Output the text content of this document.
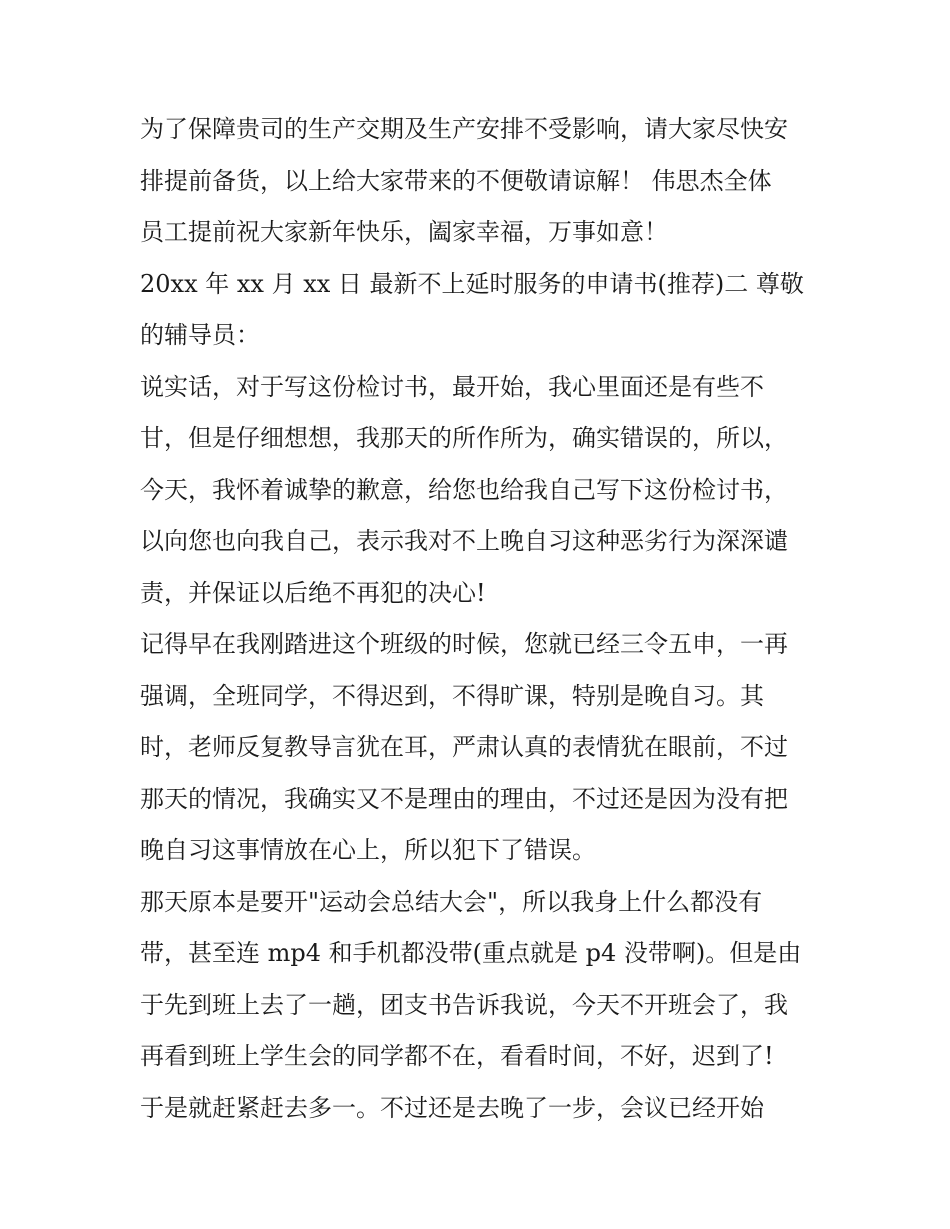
为了保障贵司的生产交期及生产安排不受影响，请大家尽快安
排提前备货，以上给大家带来的不便敬请谅解！ 伟思杰全体
员工提前祝大家新年快乐，阖家幸福，万事如意！
20xx 年 xx 月 xx 日 最新不上延时服务的申请书(推荐)二 尊敬
的辅导员：
说实话，对于写这份检讨书，最开始，我心里面还是有些不
甘，但是仔细想想，我那天的所作所为，确实错误的，所以，
今天，我怀着诚挚的歉意，给您也给我自己写下这份检讨书，
以向您也向我自己，表示我对不上晚自习这种恶劣行为深深谴
责，并保证以后绝不再犯的决心!
记得早在我刚踏进这个班级的时候，您就已经三令五申，一再
强调，全班同学，不得迟到，不得旷课，特别是晚自习。其
时，老师反复教导言犹在耳，严肃认真的表情犹在眼前，不过
那天的情况，我确实又不是理由的理由，不过还是因为没有把
晚自习这事情放在心上，所以犯下了错误。
那天原本是要开"运动会总结大会"，所以我身上什么都没有
带，甚至连 mp4 和手机都没带(重点就是 p4 没带啊)。但是由
于先到班上去了一趟，团支书告诉我说，今天不开班会了，我
再看到班上学生会的同学都不在，看看时间，不好，迟到了!
于是就赶紧赶去多一。不过还是去晚了一步，会议已经开始
